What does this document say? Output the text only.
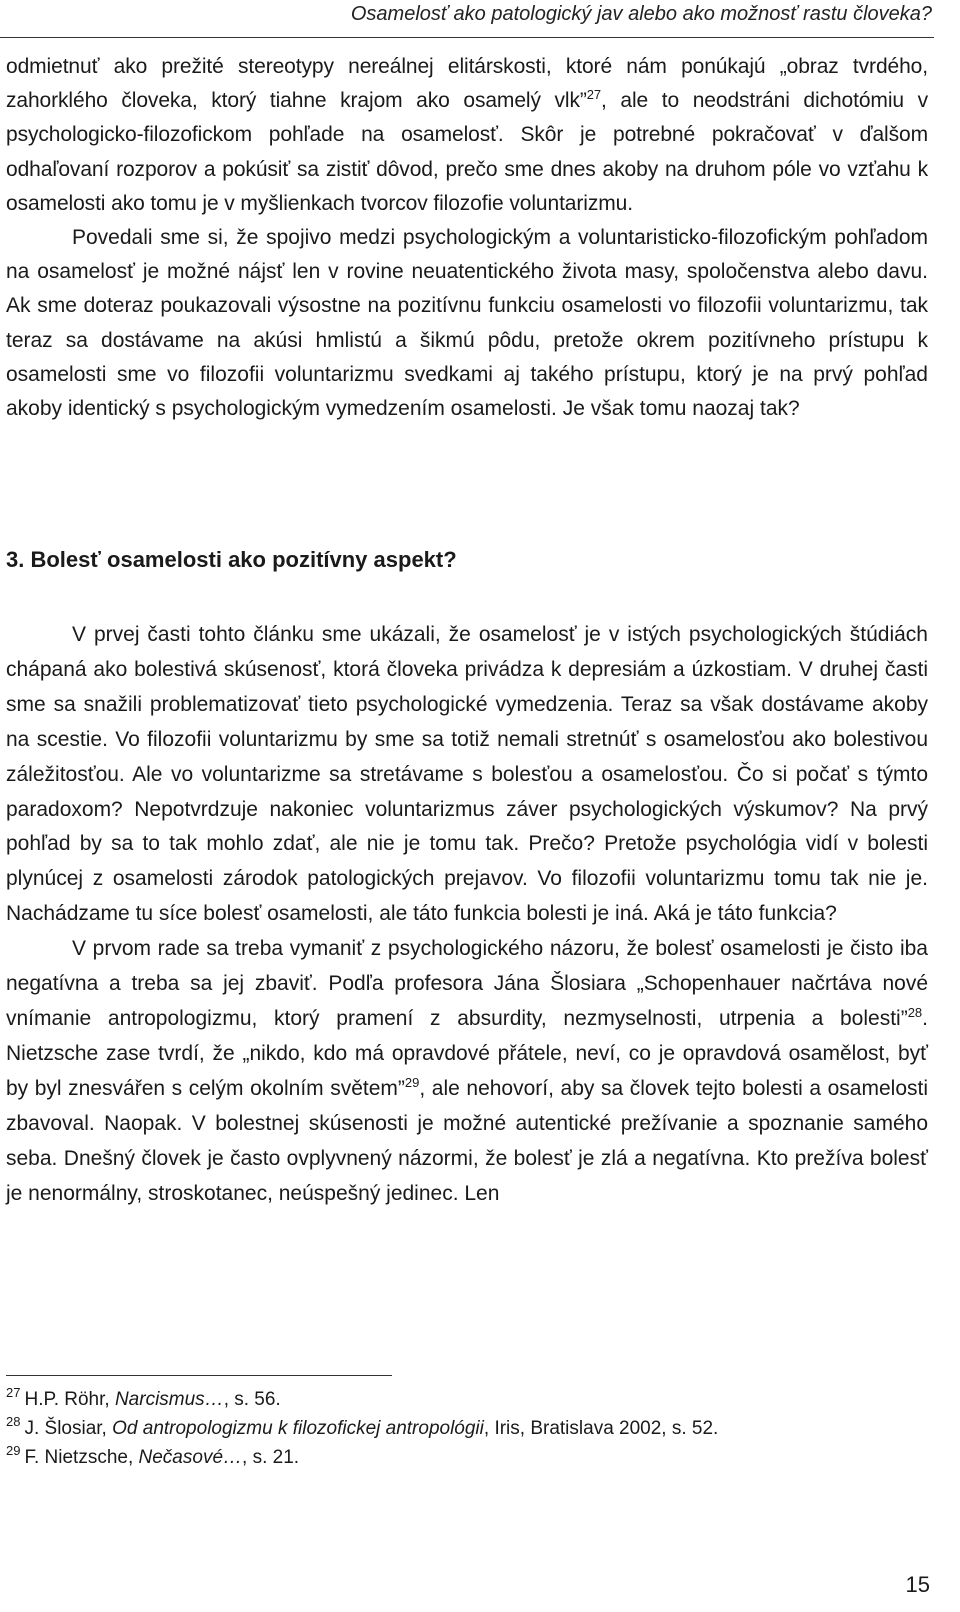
Osamelosť ako patologický jav alebo ako možnosť rastu človeka?

odmietnuť ako prežité stereotypy nereálnej elitárskosti, ktoré nám ponúkajú „obraz tvrdého, zahorklého človeka, ktorý tiahne krajom ako osamelý vlk”$^{27}$, ale to neodstráni dichotómiu v psychologicko-filozofickom pohľade na osamelosť. Skôr je potrebné pokračovať v ďalšom odhaľovaní rozporov a pokúsiť sa zistiť dôvod, prečo sme dnes akoby na druhom póle vo vzťahu k osamelosti ako tomu je v myšlienkach tvorcov filozofie voluntarizmu.

Povedali sme si, že spojivo medzi psychologickým a voluntaristicko-filozofickým pohľadom na osamelosť je možné nájsť len v rovine neuatentického života masy, spoločenstva alebo davu. Ak sme doteraz poukazovali výsostne na pozitívnu funkciu osamelosti vo filozofii voluntarizmu, tak teraz sa dostávame na akúsi hmlistú a šikmú pôdu, pretože okrem pozitívneho prístupu k osamelosti sme vo filozofii voluntarizmu svedkami aj takého prístupu, ktorý je na prvý pohľad akoby identický s psychologickým vymedzením osamelosti. Je však tomu naozaj tak?

3. Bolesť osamelosti ako pozitívny aspekt?

V prvej časti tohto článku sme ukázali, že osamelosť je v istých psychologických štúdiách chápaná ako bolestivá skúsenosť, ktorá človeka privádza k depresiám a úzkostiam. V druhej časti sme sa snažili problematizovať tieto psychologické vymedzenia. Teraz sa však dostávame akoby na scestie. Vo filozofii voluntarizmu by sme sa totiž nemali stretnúť s osamelosťou ako bolestivou záležitosťou. Ale vo voluntarizme sa stretávame s bolesťou a osamelosťou. Čo si počať s týmto paradoxom? Nepotvrdzuje nakoniec voluntarizmus záver psychologických výskumov? Na prvý pohľad by sa to tak mohlo zdať, ale nie je tomu tak. Prečo? Pretože psychológia vidí v bolesti plynúcej z osamelosti zárodok patologických prejavov. Vo filozofii voluntarizmu tomu tak nie je. Nachádzame tu síce bolesť osamelosti, ale táto funkcia bolesti je iná. Aká je táto funkcia?

V prvom rade sa treba vymaniť z psychologického názoru, že bolesť osamelosti je čisto iba negatívna a treba sa jej zbaviť. Podľa profesora Jána Šlosiara „Schopenhauer načrtáva nové vnímanie antropologizmu, ktorý pramení z absurdity, nezmyselnosti, utrpenia a bolesti”$^{28}$. Nietzsche zase tvrdí, že „nikdo, kdo má opravdové přátele, neví, co je opravdová osamělost, byť by byl znesvářen s celým okolním světem”$^{29}$, ale nehovorí, aby sa človek tejto bolesti a osamelosti zbavoval. Naopak. V bolestnej skúsenosti je možné autentické prežívanie a spoznanie samého seba. Dnešný človek je často ovplyvnený názormi, že bolesť je zlá a negatívna. Kto prežíva bolesť je nenormálny, stroskotanec, neúspešný jedinec. Len

$^{27}$ H.P. Röhr, Narcismus…, s. 56.
$^{28}$ J. Šlosiar, Od antropologizmu k filozofickej antropológii, Iris, Bratislava 2002, s. 52.
$^{29}$ F. Nietzsche, Nečasové…, s. 21.
15
